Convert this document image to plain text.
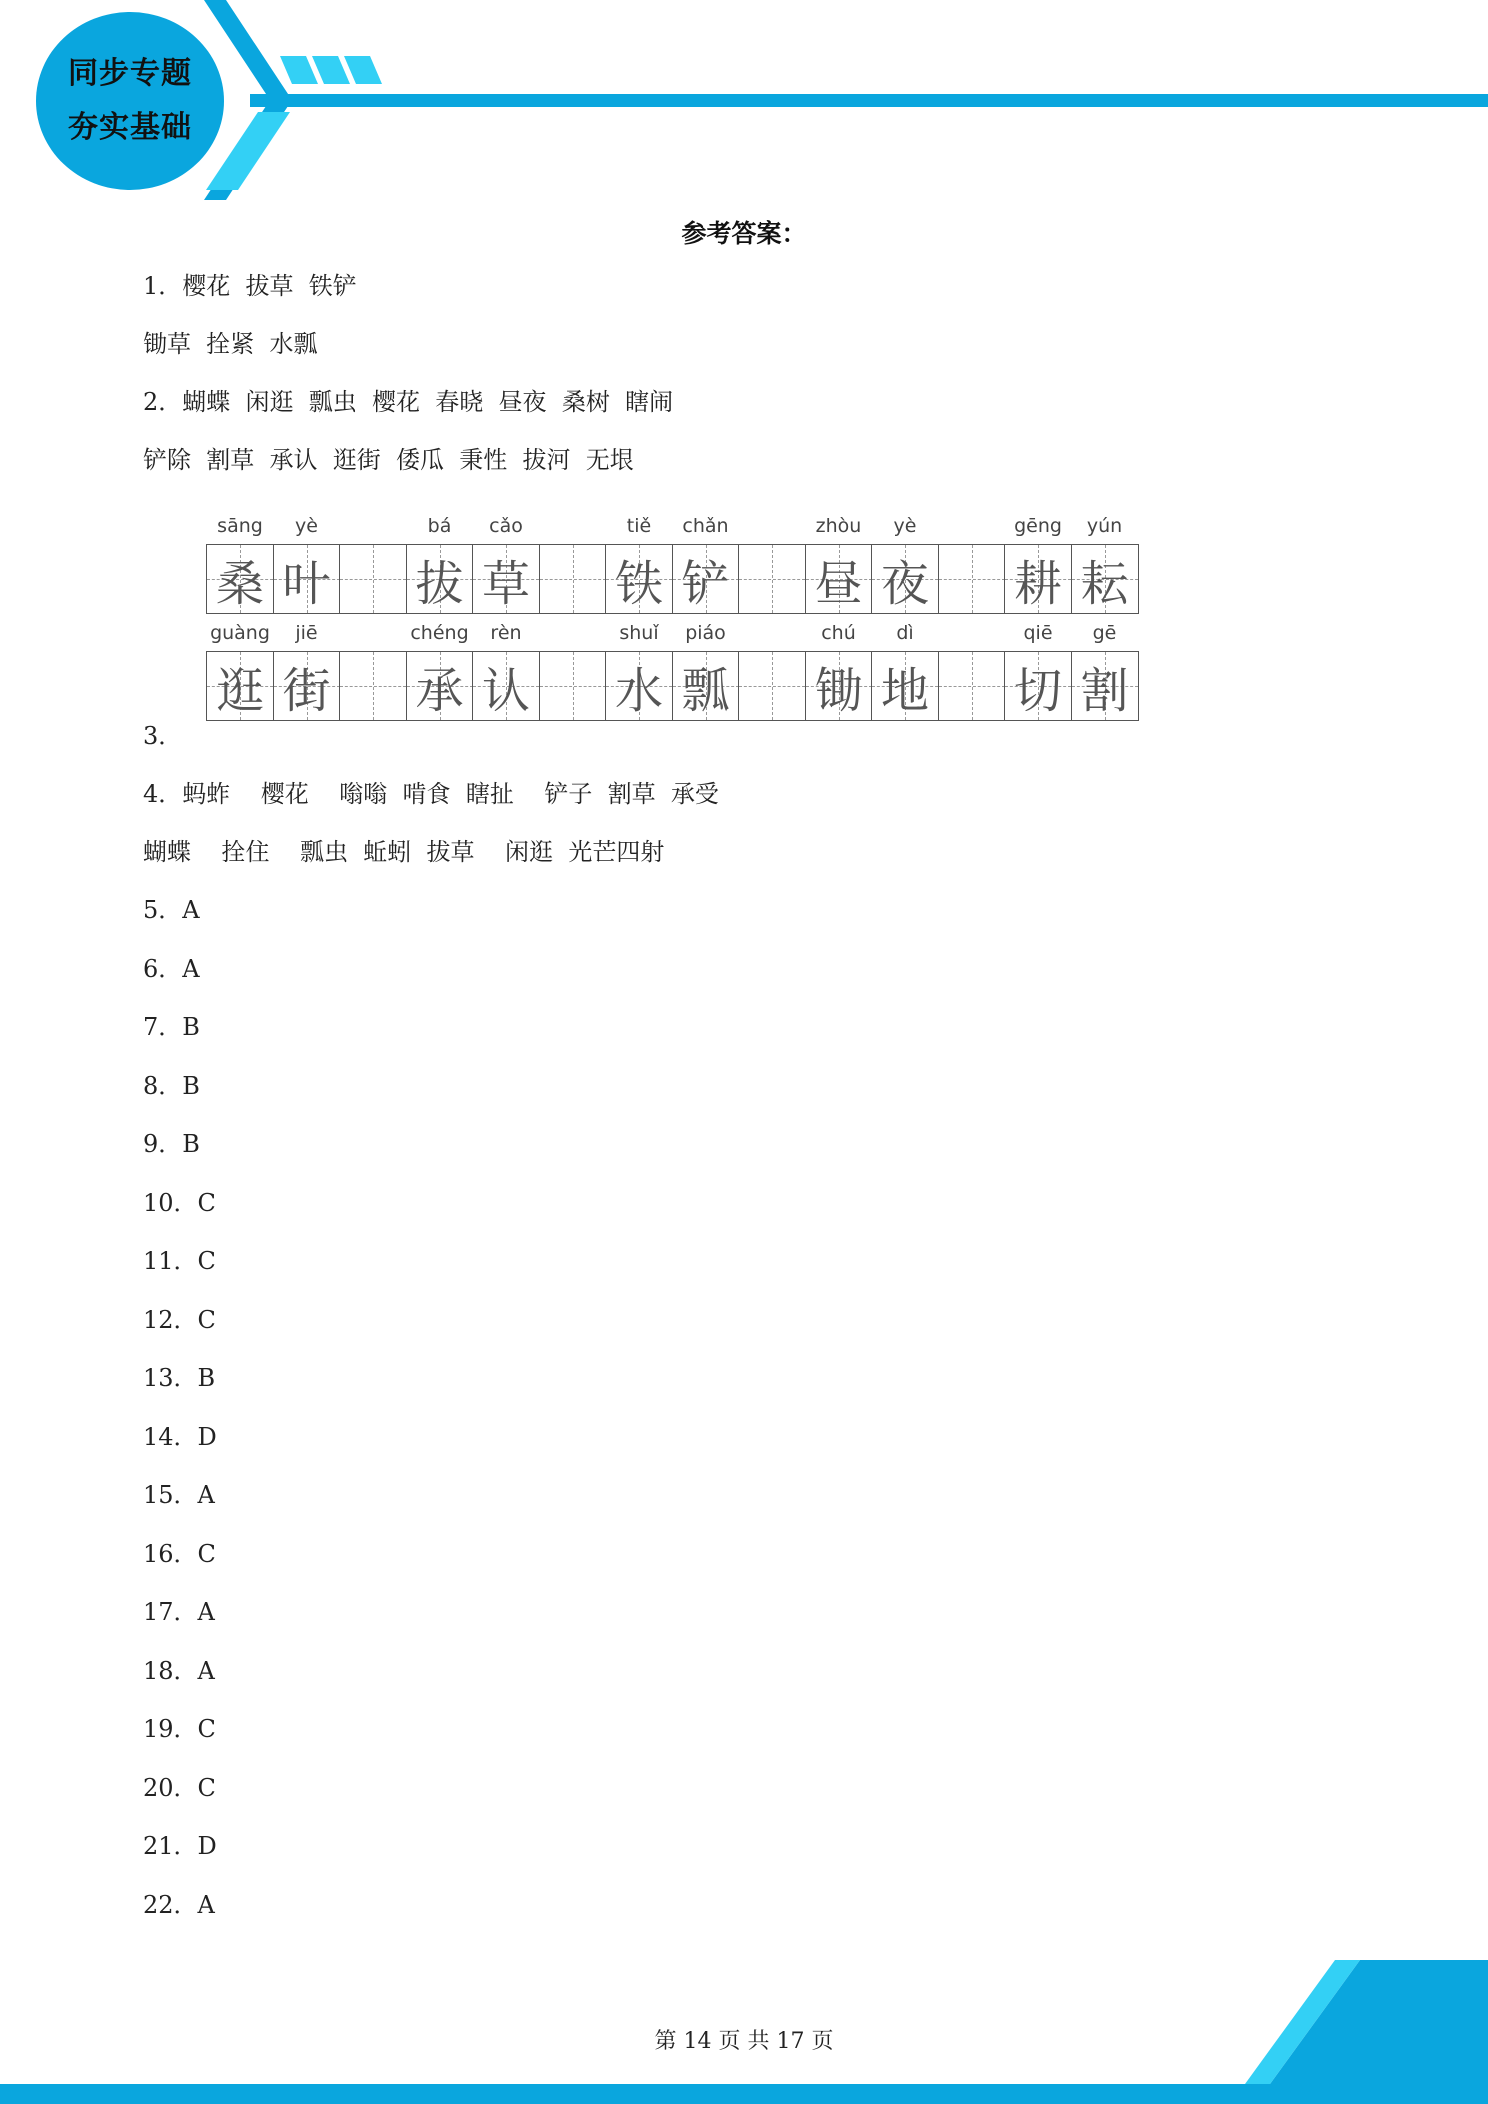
同步专题
夯实基础
参考答案：
1．樱花  拔草  铁铲
锄草  拴紧  水瓢
2．蝴蝶  闲逛  瓢虫  樱花  春晓  昼夜  桑树  瞎闹
铲除  割草  承认  逛街  倭瓜  秉性  拔河  无垠
sāng
桑
yè
叶
bá
拔
cǎo
草
tiě
铁
chǎn
铲
zhòu
昼
yè
夜
gēng
耕
yún
耘
guàng
逛
jiē
街
chéng
承
rèn
认
shuǐ
水
piáo
瓢
chú
锄
dì
地
qiē
切
gē
割
3．
4．蚂蚱    樱花    嗡嗡  啃食  瞎扯    铲子  割草  承受
蝴蝶    拴住    瓢虫  蚯蚓  拔草    闲逛  光芒四射
5．A
6．A
7．B
8．B
9．B
10．C
11．C
12．C
13．B
14．D
15．A
16．C
17．A
18．A
19．C
20．C
21．D
22．A
第 14 页 共 17 页
